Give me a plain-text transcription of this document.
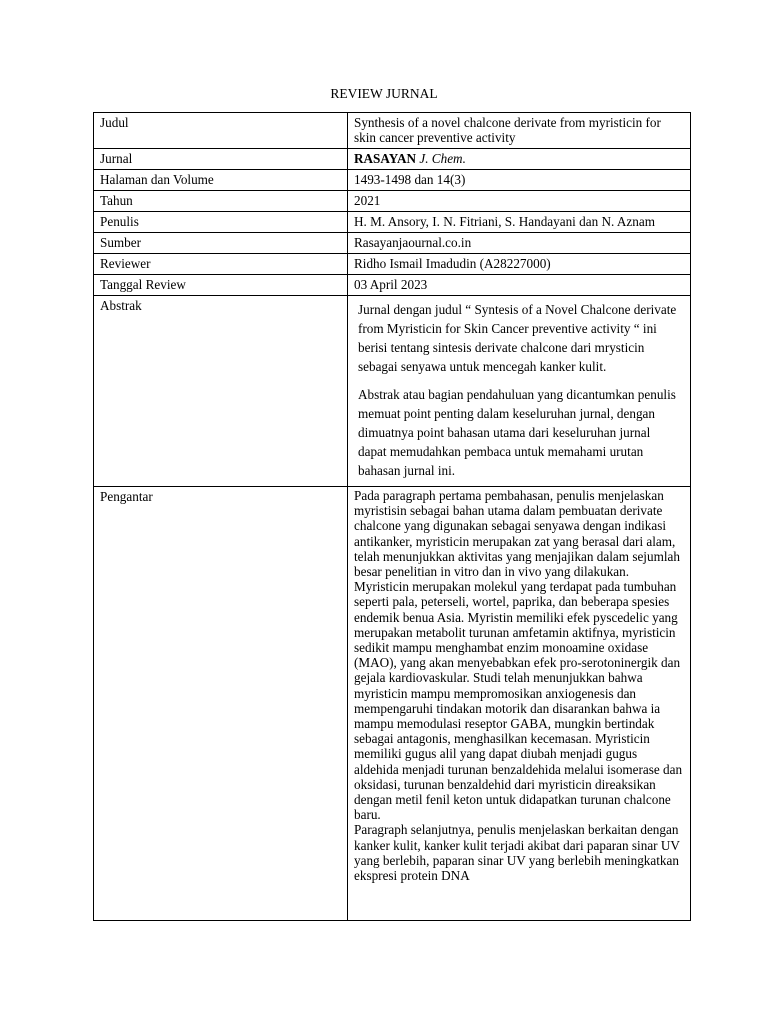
REVIEW JURNAL
Judul	Synthesis of a novel chalcone derivate from myristicin for skin cancer preventive activity
Jurnal	RASAYAN J. Chem.
Halaman dan Volume	1493-1498 dan 14(3)
Tahun	2021
Penulis	H. M. Ansory, I. N. Fitriani, S. Handayani dan N. Aznam
Sumber	Rasayanjaournal.co.in
Reviewer	Ridho Ismail Imadudin (A28227000)
Tanggal Review	03 April 2023
Abstrak	Jurnal dengan judul “ Syntesis of a Novel Chalcone derivate from Myristicin for Skin Cancer preventive activity “ ini berisi tentang sintesis derivate chalcone dari mrysticin sebagai senyawa untuk mencegah kanker kulit.

Abstrak atau bagian pendahuluan yang dicantumkan penulis memuat point penting dalam keseluruhan jurnal, dengan dimuatnya point bahasan utama dari keseluruhan jurnal dapat memudahkan pembaca untuk memahami urutan bahasan jurnal ini.

Pengantar	Pada paragraph pertama pembahasan, penulis menjelaskan myristisin sebagai bahan utama dalam pembuatan derivate chalcone yang digunakan sebagai senyawa dengan indikasi antikanker, myristicin merupakan zat yang berasal dari alam, telah menunjukkan aktivitas yang menjajikan dalam sejumlah besar penelitian in vitro dan in vivo yang dilakukan. Myristicin merupakan molekul yang terdapat pada tumbuhan seperti pala, peterseli, wortel, paprika, dan beberapa spesies endemik benua Asia. Myristin memiliki efek pyscedelic yang merupakan metabolit turunan amfetamin aktifnya, myristicin sedikit mampu menghambat enzim monoamine oxidase (MAO), yang akan menyebabkan efek pro-serotoninergik dan gejala kardiovaskular. Studi telah menunjukkan bahwa myristicin mampu mempromosikan anxiogenesis dan mempengaruhi tindakan motorik dan disarankan bahwa ia mampu memodulasi reseptor GABA, mungkin bertindak sebagai antagonis, menghasilkan kecemasan. Myristicin memiliki gugus alil yang dapat diubah menjadi gugus aldehida menjadi turunan benzaldehida melalui isomerase dan oksidasi, turunan benzaldehid dari myristicin direaksikan dengan metil fenil keton untuk didapatkan turunan chalcone baru.

Paragraph selanjutnya, penulis menjelaskan berkaitan dengan kanker kulit, kanker kulit terjadi akibat dari paparan sinar UV yang berlebih, paparan sinar UV yang berlebih meningkatkan ekspresi protein DNA
